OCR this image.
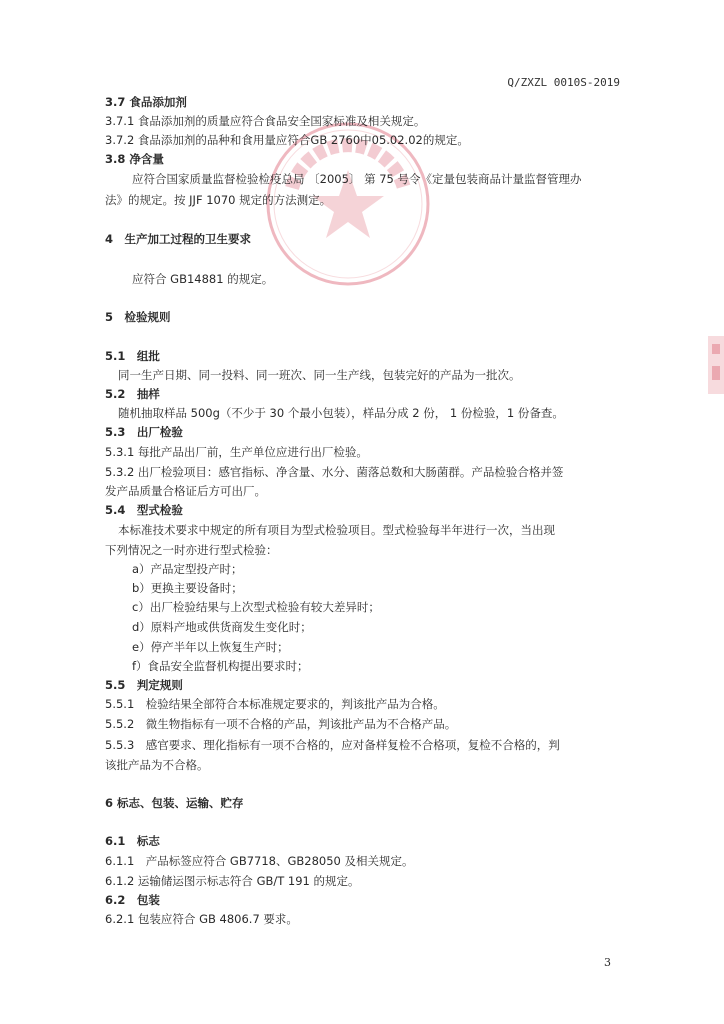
Q/ZXZL 0010S-2019
3.7 食品添加剂
3.7.1 食品添加剂的质量应符合食品安全国家标准及相关规定。
3.7.2 食品添加剂的品种和食用量应符合GB 2760中05.02.02的规定。
3.8 净含量
应符合国家质量监督检验检疫总局 〔2005〕 第 75 号令《定量包装商品计量监督管理办
法》的规定。按 JJF 1070 规定的方法测定。
4　生产加工过程的卫生要求
应符合 GB14881 的规定。
5　检验规则
5.1　组批
同一生产日期、同一投料、同一班次、同一生产线，包装完好的产品为一批次。
5.2　抽样
随机抽取样品 500g（不少于 30 个最小包装），样品分成 2 份， 1 份检验，1 份备查。
5.3　出厂检验
5.3.1 每批产品出厂前，生产单位应进行出厂检验。
5.3.2 出厂检验项目：感官指标、净含量、水分、菌落总数和大肠菌群。产品检验合格并签
发产品质量合格证后方可出厂。
5.4　型式检验
本标准技术要求中规定的所有项目为型式检验项目。型式检验每半年进行一次，当出现
下列情况之一时亦进行型式检验：
a）产品定型投产时；
b）更换主要设备时；
c）出厂检验结果与上次型式检验有较大差异时；
d）原料产地或供货商发生变化时；
e）停产半年以上恢复生产时；
f）食品安全监督机构提出要求时；
5.5　判定规则
5.5.1　检验结果全部符合本标准规定要求的，判该批产品为合格。
5.5.2　微生物指标有一项不合格的产品，判该批产品为不合格产品。
5.5.3　感官要求、理化指标有一项不合格的，应对备样复检不合格项，复检不合格的，判
该批产品为不合格。
6 标志、包装、运输、贮存
6.1　标志
6.1.1　产品标签应符合 GB7718、GB28050 及相关规定。
6.1.2 运输储运图示标志符合 GB/T 191 的规定。
6.2　包装
6.2.1 包装应符合 GB 4806.7 要求。
3
